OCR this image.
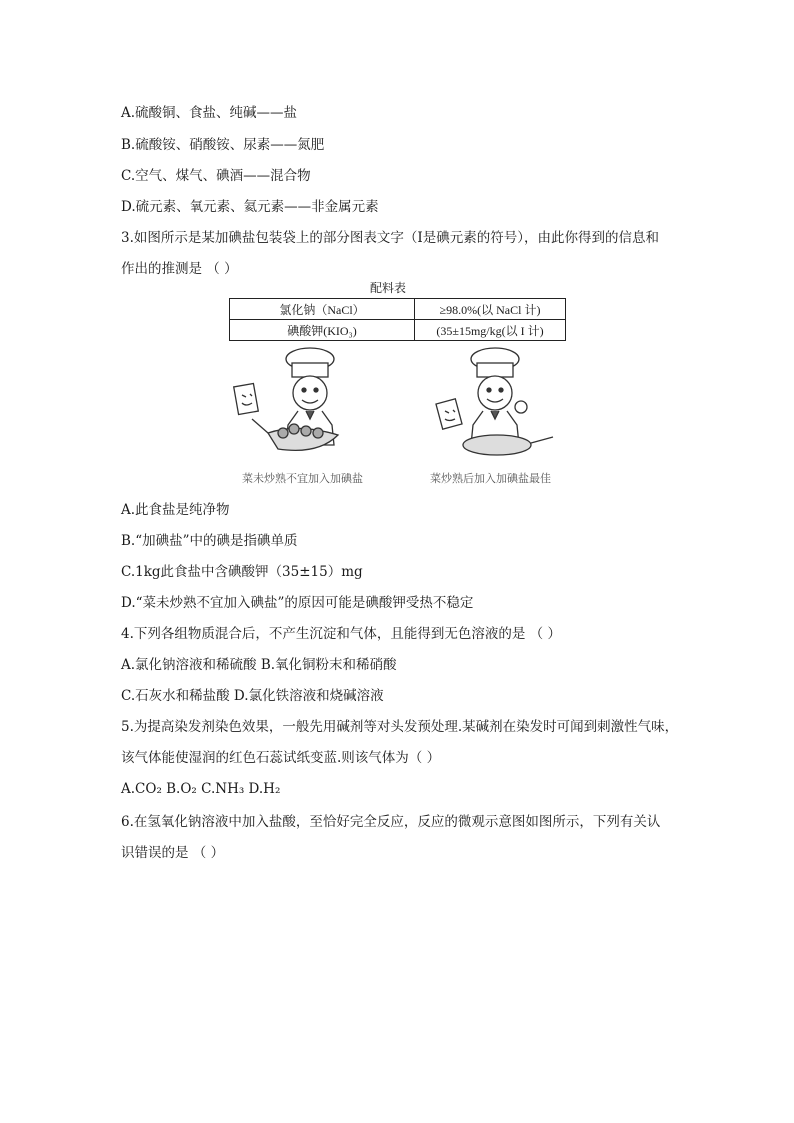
A.硫酸铜、食盐、纯碱——盐
B.硫酸铵、硝酸铵、尿素——氮肥
C.空气、煤气、碘酒——混合物
D.硫元素、氧元素、氦元素——非金属元素
3.如图所示是某加碘盐包装袋上的部分图表文字（I是碘元素的符号），由此你得到的信息和
作出的推测是 （ ）
配料表
氯化钠（NaCl）	≥98.0%(以 NaCl 计)
碘酸钾(KIO₃)	(35±15mg/kg(以 I 计)
菜未炒熟不宜加入加碘盐	菜炒熟后加入加碘盐最佳
A.此食盐是纯净物
B.“加碘盐”中的碘是指碘单质
C.1kg此食盐中含碘酸钾（35±15）mg
D.“菜未炒熟不宜加入碘盐”的原因可能是碘酸钾受热不稳定
4.下列各组物质混合后，不产生沉淀和气体，且能得到无色溶液的是 （ ）
A.氯化钠溶液和稀硫酸 B.氧化铜粉末和稀硝酸
C.石灰水和稀盐酸 D.氯化铁溶液和烧碱溶液
5.为提高染发剂染色效果，一般先用碱剂等对头发预处理.某碱剂在染发时可闻到刺激性气味，
该气体能使湿润的红色石蕊试纸变蓝.则该气体为（ ）
A.CO₂ B.O₂ C.NH₃ D.H₂
6.在氢氧化钠溶液中加入盐酸，至恰好完全反应，反应的微观示意图如图所示，下列有关认
识错误的是 （ ）
